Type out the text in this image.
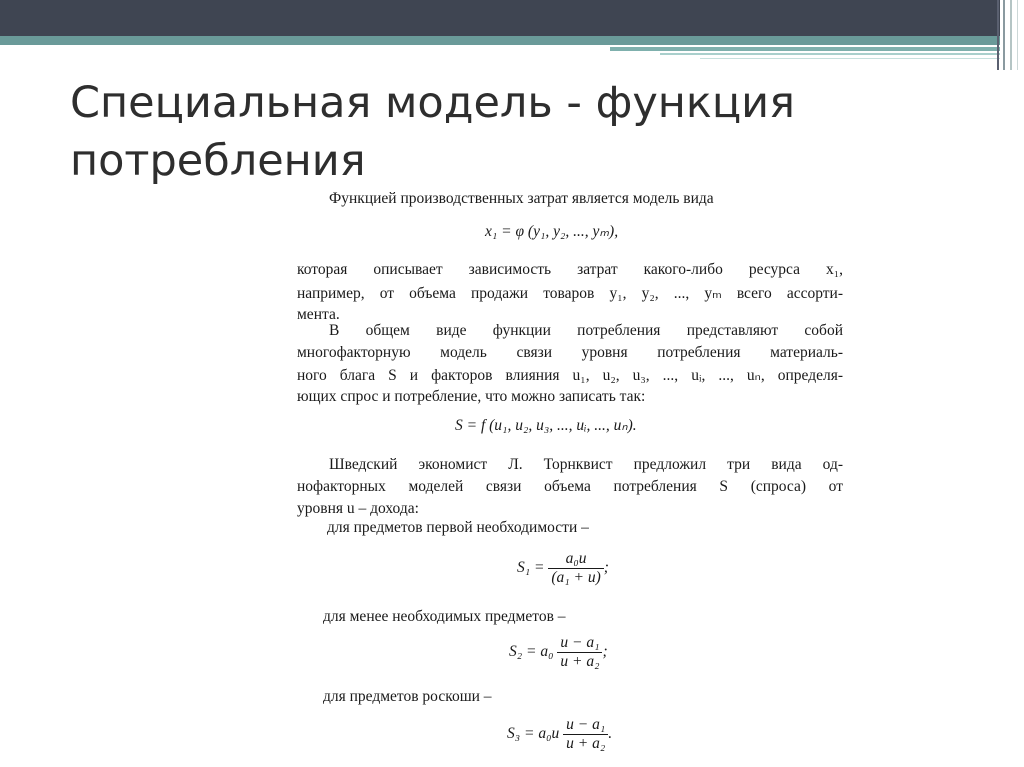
Специальная модель - функция потребления
Функцией производственных затрат является модель вида
x₁ = φ (y₁, y₂, ..., yₘ),
которая описывает зависимость затрат какого-либо ресурса x₁,
например, от объема продажи товаров y₁, y₂, ..., yₘ всего ассорти-
мента.
В общем виде функции потребления представляют собой
многофакторную модель связи уровня потребления материаль-
ного блага S и факторов влияния u₁, u₂, u₃, ..., uᵢ, ..., uₙ, определя-
ющих спрос и потребление, что можно записать так:
S = f (u₁, u₂, u₃, ..., uᵢ, ..., uₙ).
Шведский экономист Л. Торнквист предложил три вида од-
нофакторных моделей связи объема потребления S (спроса) от
уровня u – дохода:
для предметов первой необходимости –
$S_1 = \frac{\text{a₀u}}{\text{(a₁ + u)}}$ ;
для менее необходимых предметов –
$S_2 = a_0 \frac{\text{u − a₁}}{\text{u + a₂}}$ ;
для предметов роскоши –
$S_3 = a_0u \frac{\text{u − a₁}}{\text{u + a₂}}$ .
